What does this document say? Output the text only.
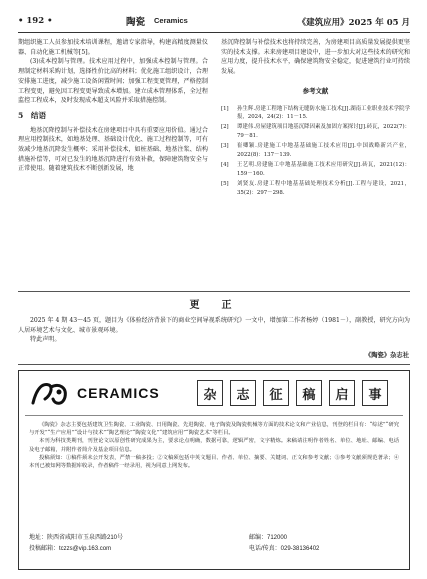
• 192 •	陶瓷 Ceramics	《建筑应用》2025 年 05 月

期组织施工人员参加技术培训课程，邀请专家指导，构建高精度测量仪器、自动化施工机械等[5]。

(3)成本控制与管理。技术应用过程中，加强成本控制与管理。合理制定材料采购计划，选择性价比高的材料；优化施工组织设计，合理安排施工进度，减少施工设备闲置时间；加强工程变更管理，严格控制工程变更，避免因工程变更导致成本增加。建立成本管理体系，全过程监控工程成本，及时发现成本超支风险并采取措施控制。

5　结语

地基沉降控制与补偿技术在房建项目中具有重要应用价值。通过合理应用控制技术，如地基处理、基础设计优化、施工过程控制等，可有效减少地基沉降发生概率；采用补偿技术，如桩基础、地基注浆、结构措施补偿等，可对已发生的地基沉降进行有效补救，保障建筑物安全与正常使用。随着建筑技术不断创新发展，地

基沉降控制与补偿技术也将持续完善，为房建项目高质量发展提供更坚实的技术支撑。未来房建项目建设中，进一步加大对这些技术的研究和应用力度，提升技术水平，确保建筑物安全稳定，促进建筑行业可持续发展。

参考文献
[1]	孙生辉.房建工程地下结构无缝防水施工技术[J].湖南工业职业技术学院学报，2024，24(2)：11－15.
[2]	谭建伟.房屋建筑项目地基沉降因素及加固方案探讨[J].砖瓦，2022(7)：79－81.
[3]	崔卿颖.房建施工中地基基础施工技术应用[J].中国战略新兴产业，2022(8)：137－139.
[4]	王艺明.房建施工中地基基础施工技术应用研究[J].砖瓦，2021(12)：159－160.
[5]	刘贤友.房建工程中地基基础处理技术分析[J].工程与建设，2021，35(2)：297－298.
更　正

2025 年 4 期 43～45 页，题目为《体验经济背景下的商业空间导视系统研究》一文中，增加第二作者杨婷（1981－），副教授，研究方向为人居环境艺术与文化、城市景观环境。

特此声明。

《陶瓷》杂志社
CERAMICS	杂	志	征	稿	启	事

《陶瓷》杂志主要包括建筑卫生陶瓷、工业陶瓷、日用陶瓷、先进陶瓷、电子陶瓷及陶瓷机械等方面的技术论文和产业信息，刊登的栏目有：“综述”“研究与开发”“生产应用”“设计与技术”“陶艺理论”“陶瓷文化”“建筑应用”“陶瓷艺术”等栏目。

本刊为科技类期刊，刊登论文以原创性研究成果为主，要求论点明确，数据可靠，逻辑严密，文字精炼。来稿请注明作者姓名、单位、地址、邮编、电话及电子邮箱，并附作者简介及基金项目信息。

投稿须知：①稿件须未公开发表，严禁一稿多投；②文稿须包括中英文题目、作者、单位、摘要、关键词、正文和参考文献；③参考文献须规范著录；④本刊已被知网等数据库收录，作者稿件一经录用，视为同意上网发布。

地址：陕西省咸阳市玉泉西路210号	邮编：712000
投稿邮箱：tczzs@vip.163.com	电话/传真：029-38136402
